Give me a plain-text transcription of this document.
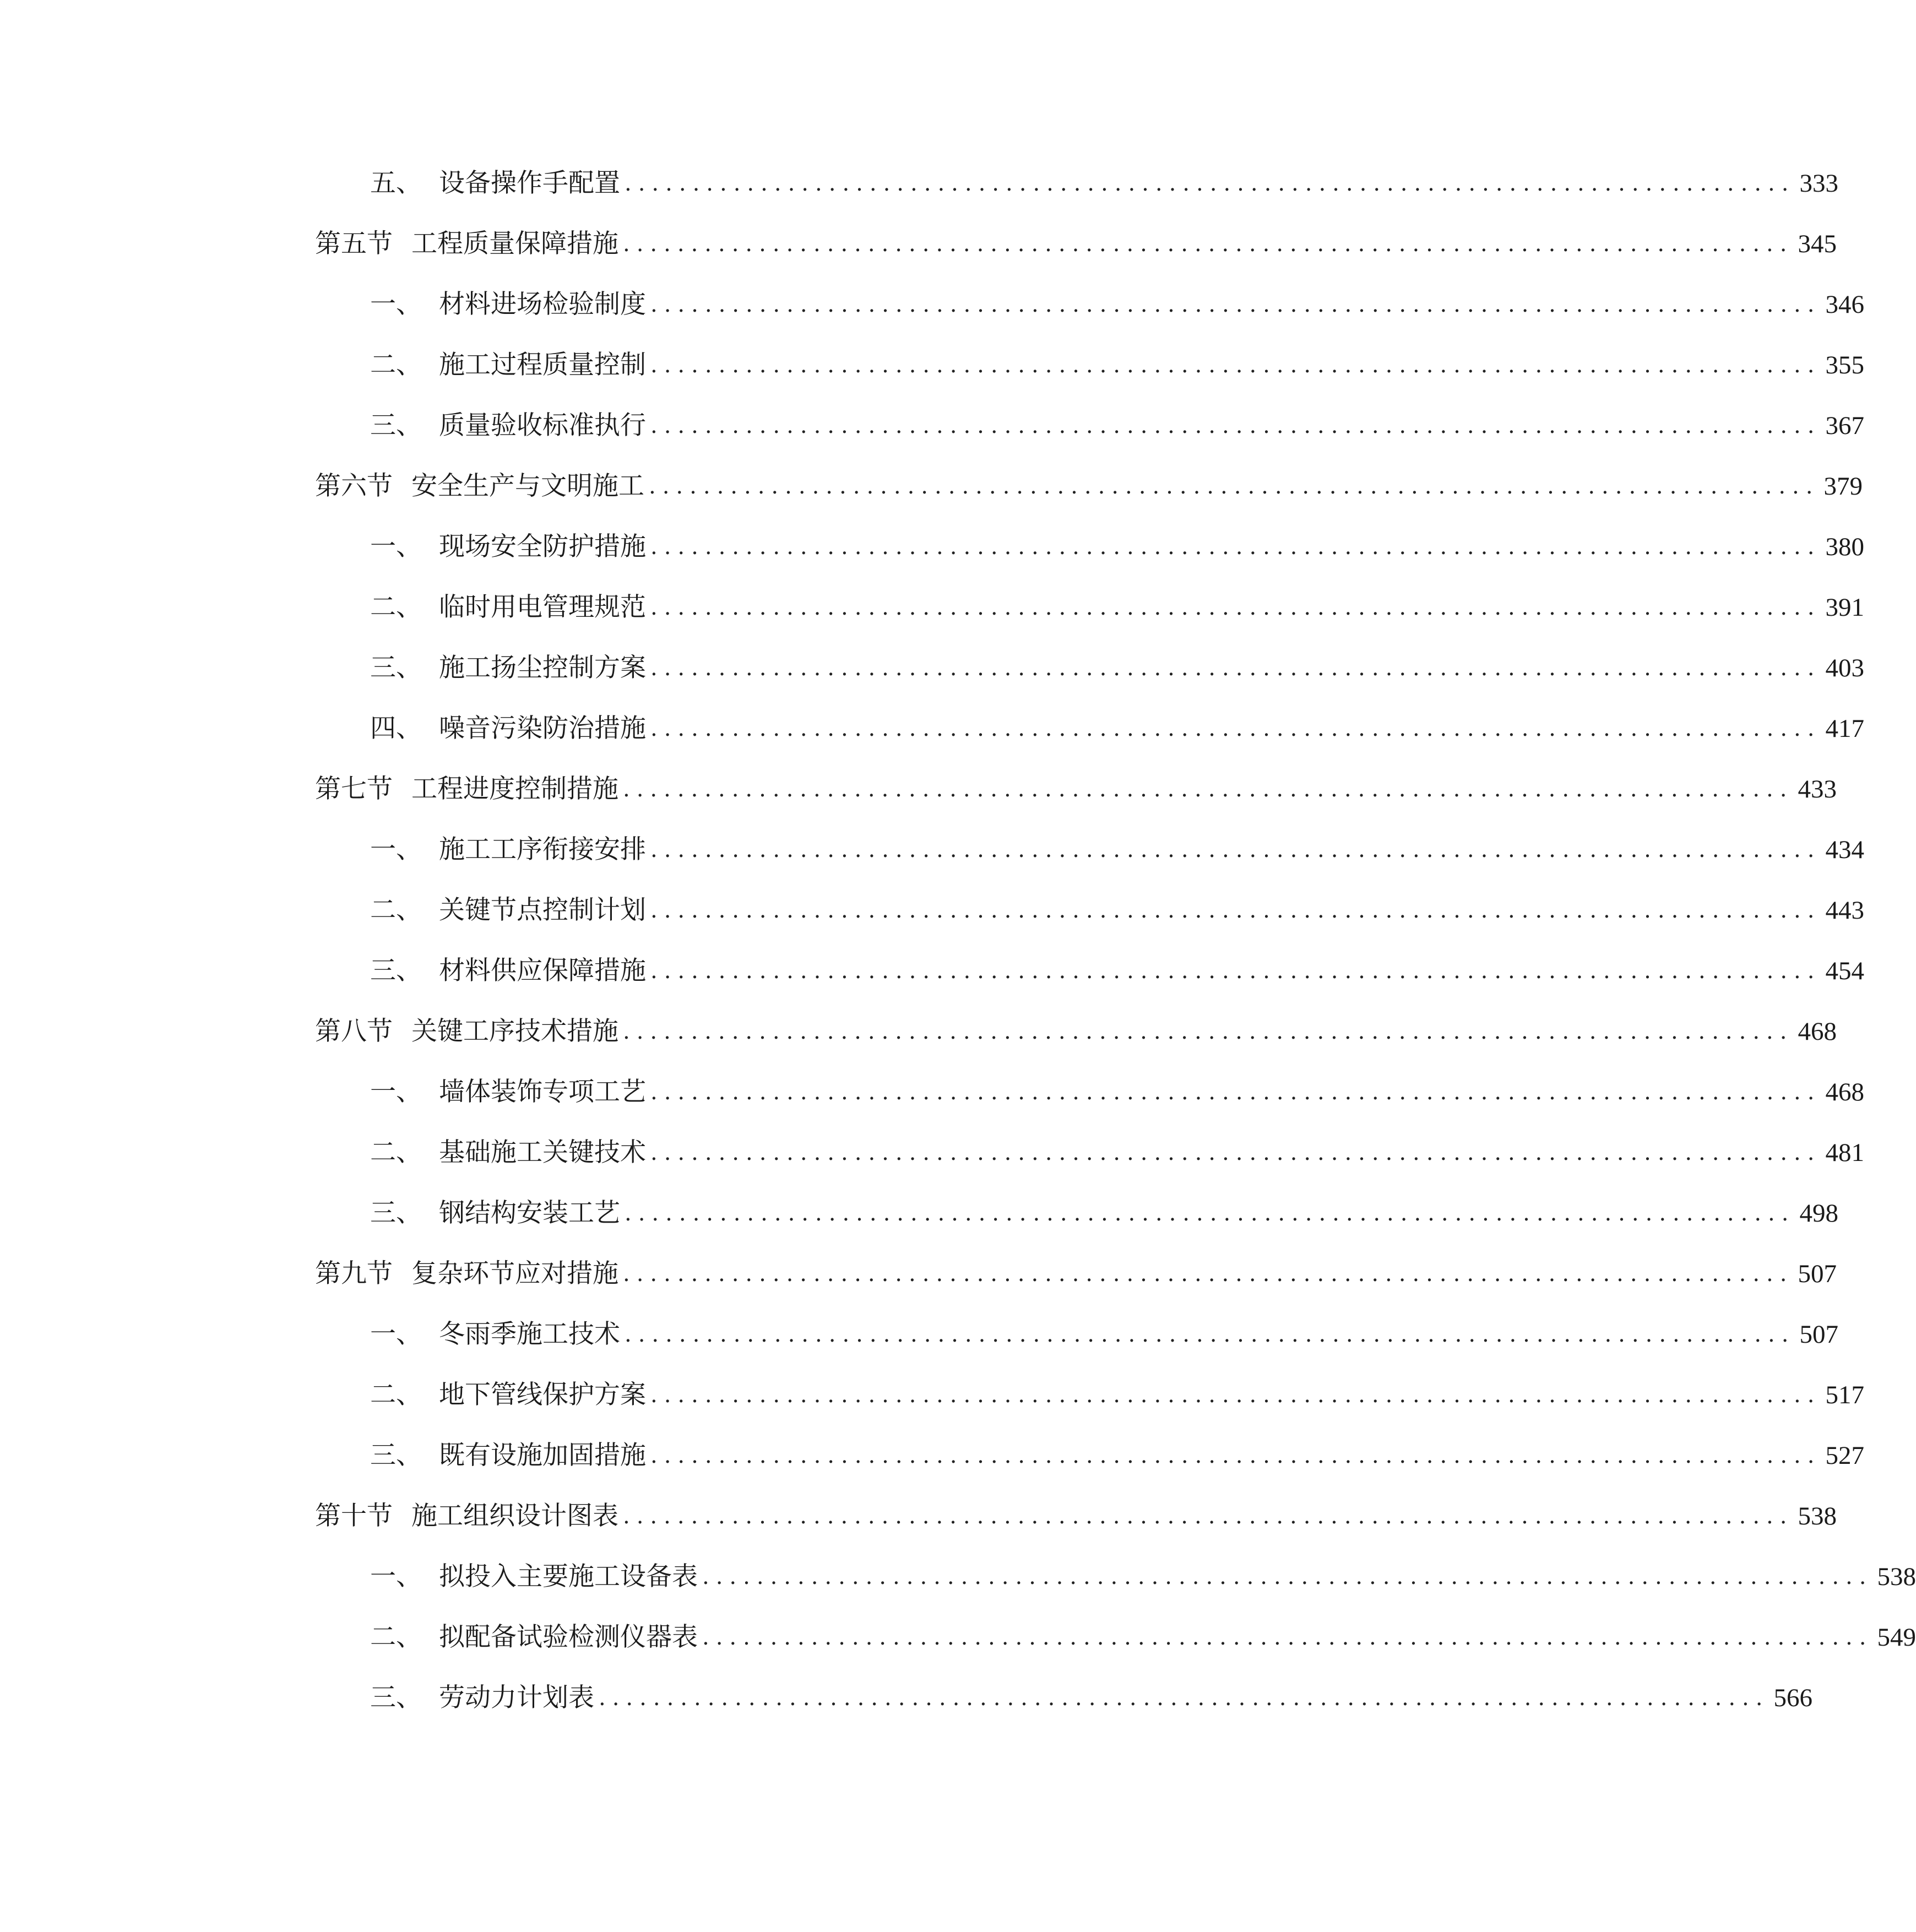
五、 设备操作手配置 ...................................................................................... 333
第五节 工程质量保障措施 ...................................................................................... 345
一、 材料进场检验制度 ...................................................................................... 346
二、 施工过程质量控制 ...................................................................................... 355
三、 质量验收标准执行 ...................................................................................... 367
第六节 安全生产与文明施工 ...................................................................................... 379
一、 现场安全防护措施 ...................................................................................... 380
二、 临时用电管理规范 ...................................................................................... 391
三、 施工扬尘控制方案 ...................................................................................... 403
四、 噪音污染防治措施 ...................................................................................... 417
第七节 工程进度控制措施 ...................................................................................... 433
一、 施工工序衔接安排 ...................................................................................... 434
二、 关键节点控制计划 ...................................................................................... 443
三、 材料供应保障措施 ...................................................................................... 454
第八节 关键工序技术措施 ...................................................................................... 468
一、 墙体装饰专项工艺 ...................................................................................... 468
二、 基础施工关键技术 ...................................................................................... 481
三、 钢结构安装工艺 ...................................................................................... 498
第九节 复杂环节应对措施 ...................................................................................... 507
一、 冬雨季施工技术 ...................................................................................... 507
二、 地下管线保护方案 ...................................................................................... 517
三、 既有设施加固措施 ...................................................................................... 527
第十节 施工组织设计图表 ...................................................................................... 538
一、 拟投入主要施工设备表 ...................................................................................... 538
二、 拟配备试验检测仪器表 ...................................................................................... 549
三、 劳动力计划表 ...................................................................................... 566
